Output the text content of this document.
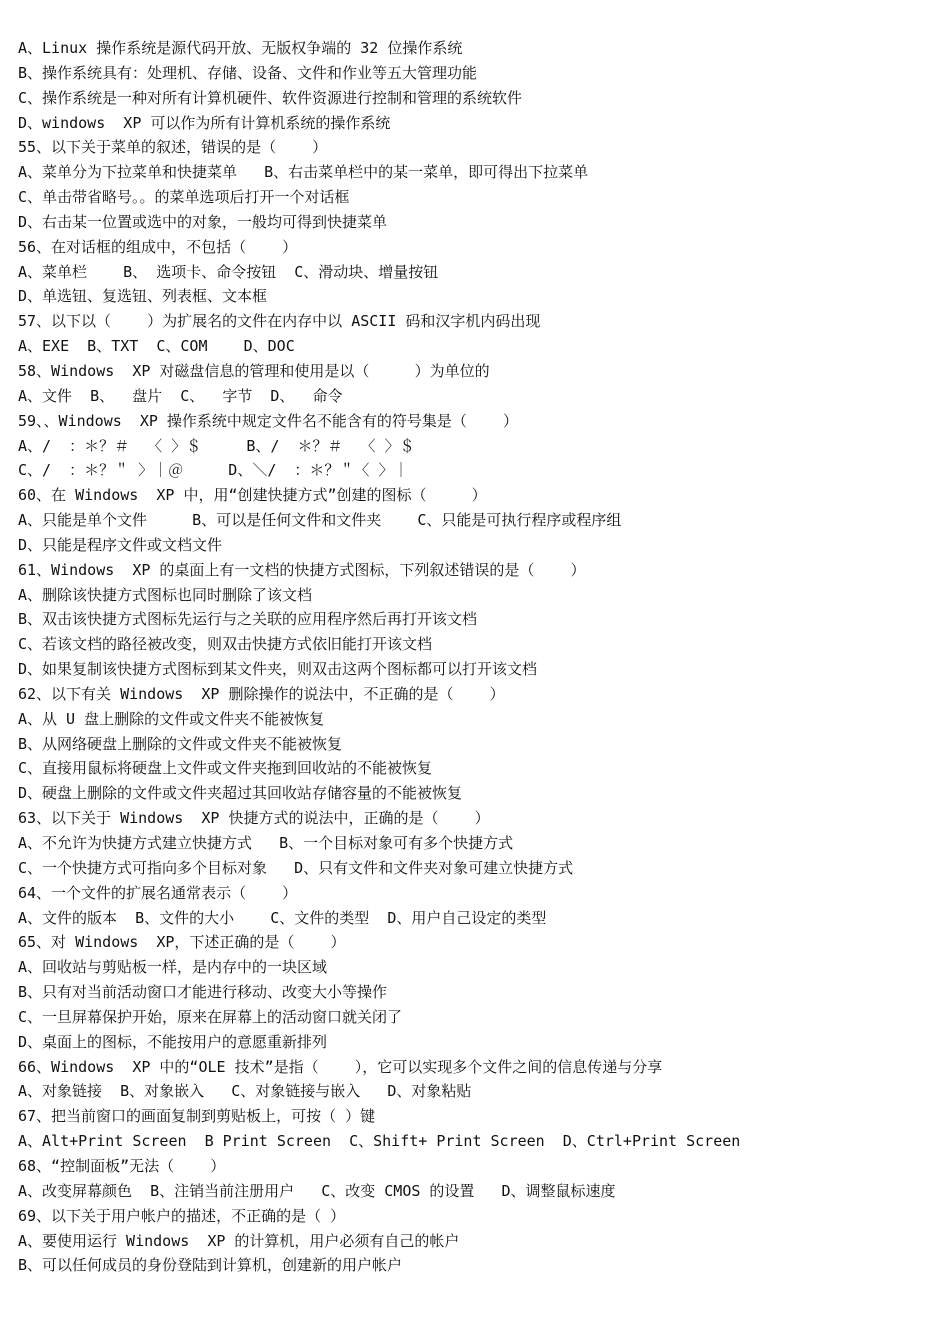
A、Linux 操作系统是源代码开放、无版权争端的 32 位操作系统
B、操作系统具有：处理机、存储、设备、文件和作业等五大管理功能
C、操作系统是一种对所有计算机硬件、软件资源进行控制和管理的系统软件
D、windows  XP 可以作为所有计算机系统的操作系统
55、以下关于菜单的叙述，错误的是（    ）
A、菜单分为下拉菜单和快捷菜单   B、右击菜单栏中的某一菜单，即可得出下拉菜单
C、单击带省略号。。的菜单选项后打开一个对话框
D、右击某一位置或选中的对象，一般均可得到快捷菜单
56、在对话框的组成中，不包括（    ）
A、菜单栏    B、 选项卡、命令按钮  C、滑动块、增量按钮
D、单选钮、复选钮、列表框、文本框
57、以下以（    ）为扩展名的文件在内存中以 ASCII 码和汉字机内码出现
A、EXE  B、TXT  C、COM    D、DOC
58、Windows  XP 对磁盘信息的管理和使用是以（     ）为单位的
A、文件  B、  盘片  C、  字节  D、  命令
59、、Windows  XP 操作系统中规定文件名不能含有的符号集是（    ）
A、/  ：＊？＃  〈 〉＄     B、/  ＊？＃  〈 〉＄
C、/  ：＊？＂ 〉｜＠     D、＼/  ：＊？＂〈 〉｜
60、在 Windows  XP 中，用“创建快捷方式”创建的图标（     ）
A、只能是单个文件     B、可以是任何文件和文件夹    C、只能是可执行程序或程序组
D、只能是程序文件或文档文件
61、Windows  XP 的桌面上有一文档的快捷方式图标，下列叙述错误的是（    ）
A、删除该快捷方式图标也同时删除了该文档
B、双击该快捷方式图标先运行与之关联的应用程序然后再打开该文档
C、若该文档的路径被改变，则双击快捷方式依旧能打开该文档
D、如果复制该快捷方式图标到某文件夹，则双击这两个图标都可以打开该文档
62、以下有关 Windows  XP 删除操作的说法中，不正确的是（    ）
A、从 U 盘上删除的文件或文件夹不能被恢复
B、从网络硬盘上删除的文件或文件夹不能被恢复
C、直接用鼠标将硬盘上文件或文件夹拖到回收站的不能被恢复
D、硬盘上删除的文件或文件夹超过其回收站存储容量的不能被恢复
63、以下关于 Windows  XP 快捷方式的说法中，正确的是（    ）
A、不允许为快捷方式建立快捷方式   B、一个目标对象可有多个快捷方式
C、一个快捷方式可指向多个目标对象   D、只有文件和文件夹对象可建立快捷方式
64、一个文件的扩展名通常表示（    ）
A、文件的版本  B、文件的大小    C、文件的类型  D、用户自己设定的类型
65、对 Windows  XP，下述正确的是（    ）
A、回收站与剪贴板一样，是内存中的一块区域
B、只有对当前活动窗口才能进行移动、改变大小等操作
C、一旦屏幕保护开始，原来在屏幕上的活动窗口就关闭了
D、桌面上的图标，不能按用户的意愿重新排列
66、Windows  XP 中的“OLE 技术”是指（    ），它可以实现多个文件之间的信息传递与分享
A、对象链接  B、对象嵌入   C、对象链接与嵌入   D、对象粘贴
67、把当前窗口的画面复制到剪贴板上，可按（ ）键
A、Alt+Print Screen  B Print Screen  C、Shift+ Print Screen  D、Ctrl+Print Screen
68、“控制面板”无法（    ）
A、改变屏幕颜色  B、注销当前注册用户   C、改变 CMOS 的设置   D、调整鼠标速度
69、以下关于用户帐户的描述，不正确的是（ ）
A、要使用运行 Windows  XP 的计算机，用户必须有自己的帐户
B、可以任何成员的身份登陆到计算机，创建新的用户帐户
